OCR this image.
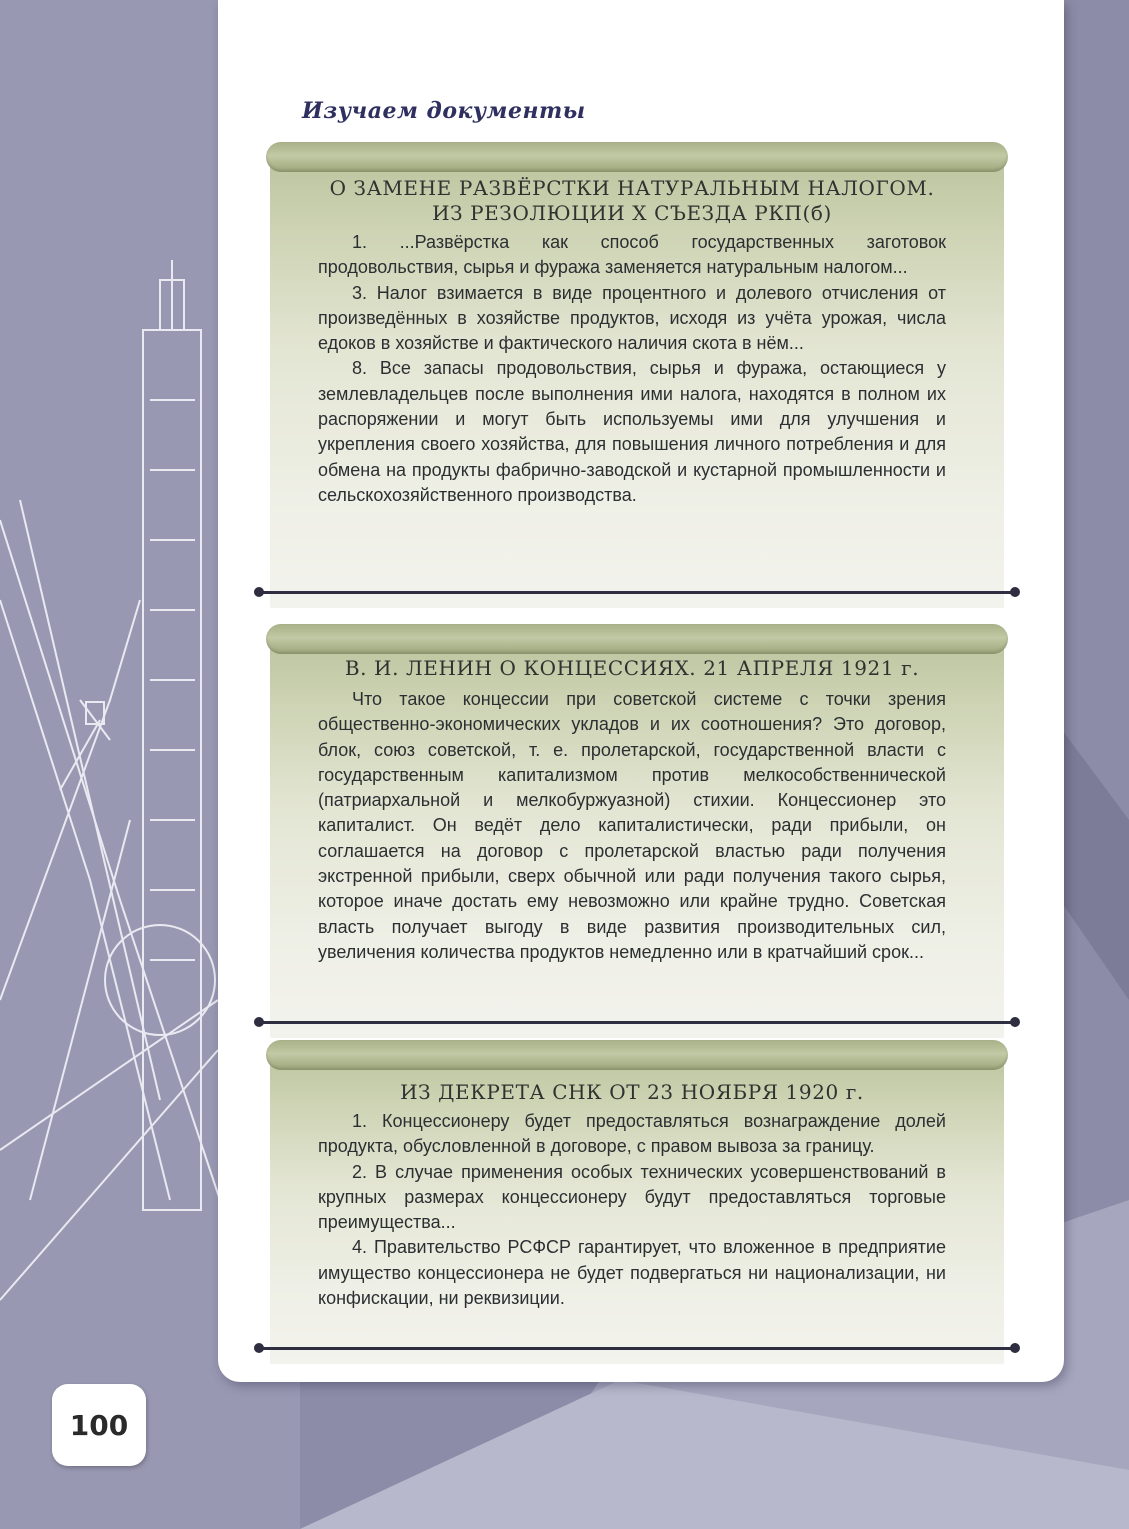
Изучаем документы

О ЗАМЕНЕ РАЗВЁРСТКИ НАТУРАЛЬНЫМ НАЛОГОМ.

ИЗ РЕЗОЛЮЦИИ X СЪЕЗДА РКП(б)

1. ...Развёрстка как способ государственных заготовок продовольствия, сырья и фуража заменяется натуральным налогом...

3. Налог взимается в виде процентного и долевого отчисления от произведённых в хозяйстве продуктов, исходя из учёта урожая, числа едоков в хозяйстве и фактического наличия скота в нём...

8. Все запасы продовольствия, сырья и фуража, остающиеся у землевладельцев после выполнения ими налога, находятся в полном их распоряжении и могут быть используемы ими для улучшения и укрепления своего хозяйства, для повышения личного потребления и для обмена на продукты фабрично-заводской и кустарной промышленности и сельскохозяйственного производства.

В. И. ЛЕНИН О КОНЦЕССИЯХ. 21 АПРЕЛЯ 1921 г.

Что такое концессии при советской системе с точки зрения общественно-экономических укладов и их соотношения? Это договор, блок, союз советской, т. е. пролетарской, государственной власти с государственным капитализмом против мелкособственнической (патриархальной и мелкобуржуазной) стихии. Концессионер это капиталист. Он ведёт дело капиталистически, ради прибыли, он соглашается на договор с пролетарской властью ради получения экстренной прибыли, сверх обычной или ради получения такого сырья, которое иначе достать ему невозможно или крайне трудно. Советская власть получает выгоду в виде развития производительных сил, увеличения количества продуктов немедленно или в кратчайший срок...

ИЗ ДЕКРЕТА СНК ОТ 23 НОЯБРЯ 1920 г.

1. Концессионеру будет предоставляться вознаграждение долей продукта, обусловленной в договоре, с правом вывоза за границу.

2. В случае применения особых технических усовершенствований в крупных размерах концессионеру будут предоставляться торговые преимущества...

4. Правительство РСФСР гарантирует, что вложенное в предприятие имущество концессионера не будет подвергаться ни национализации, ни конфискации, ни реквизиции.

100
